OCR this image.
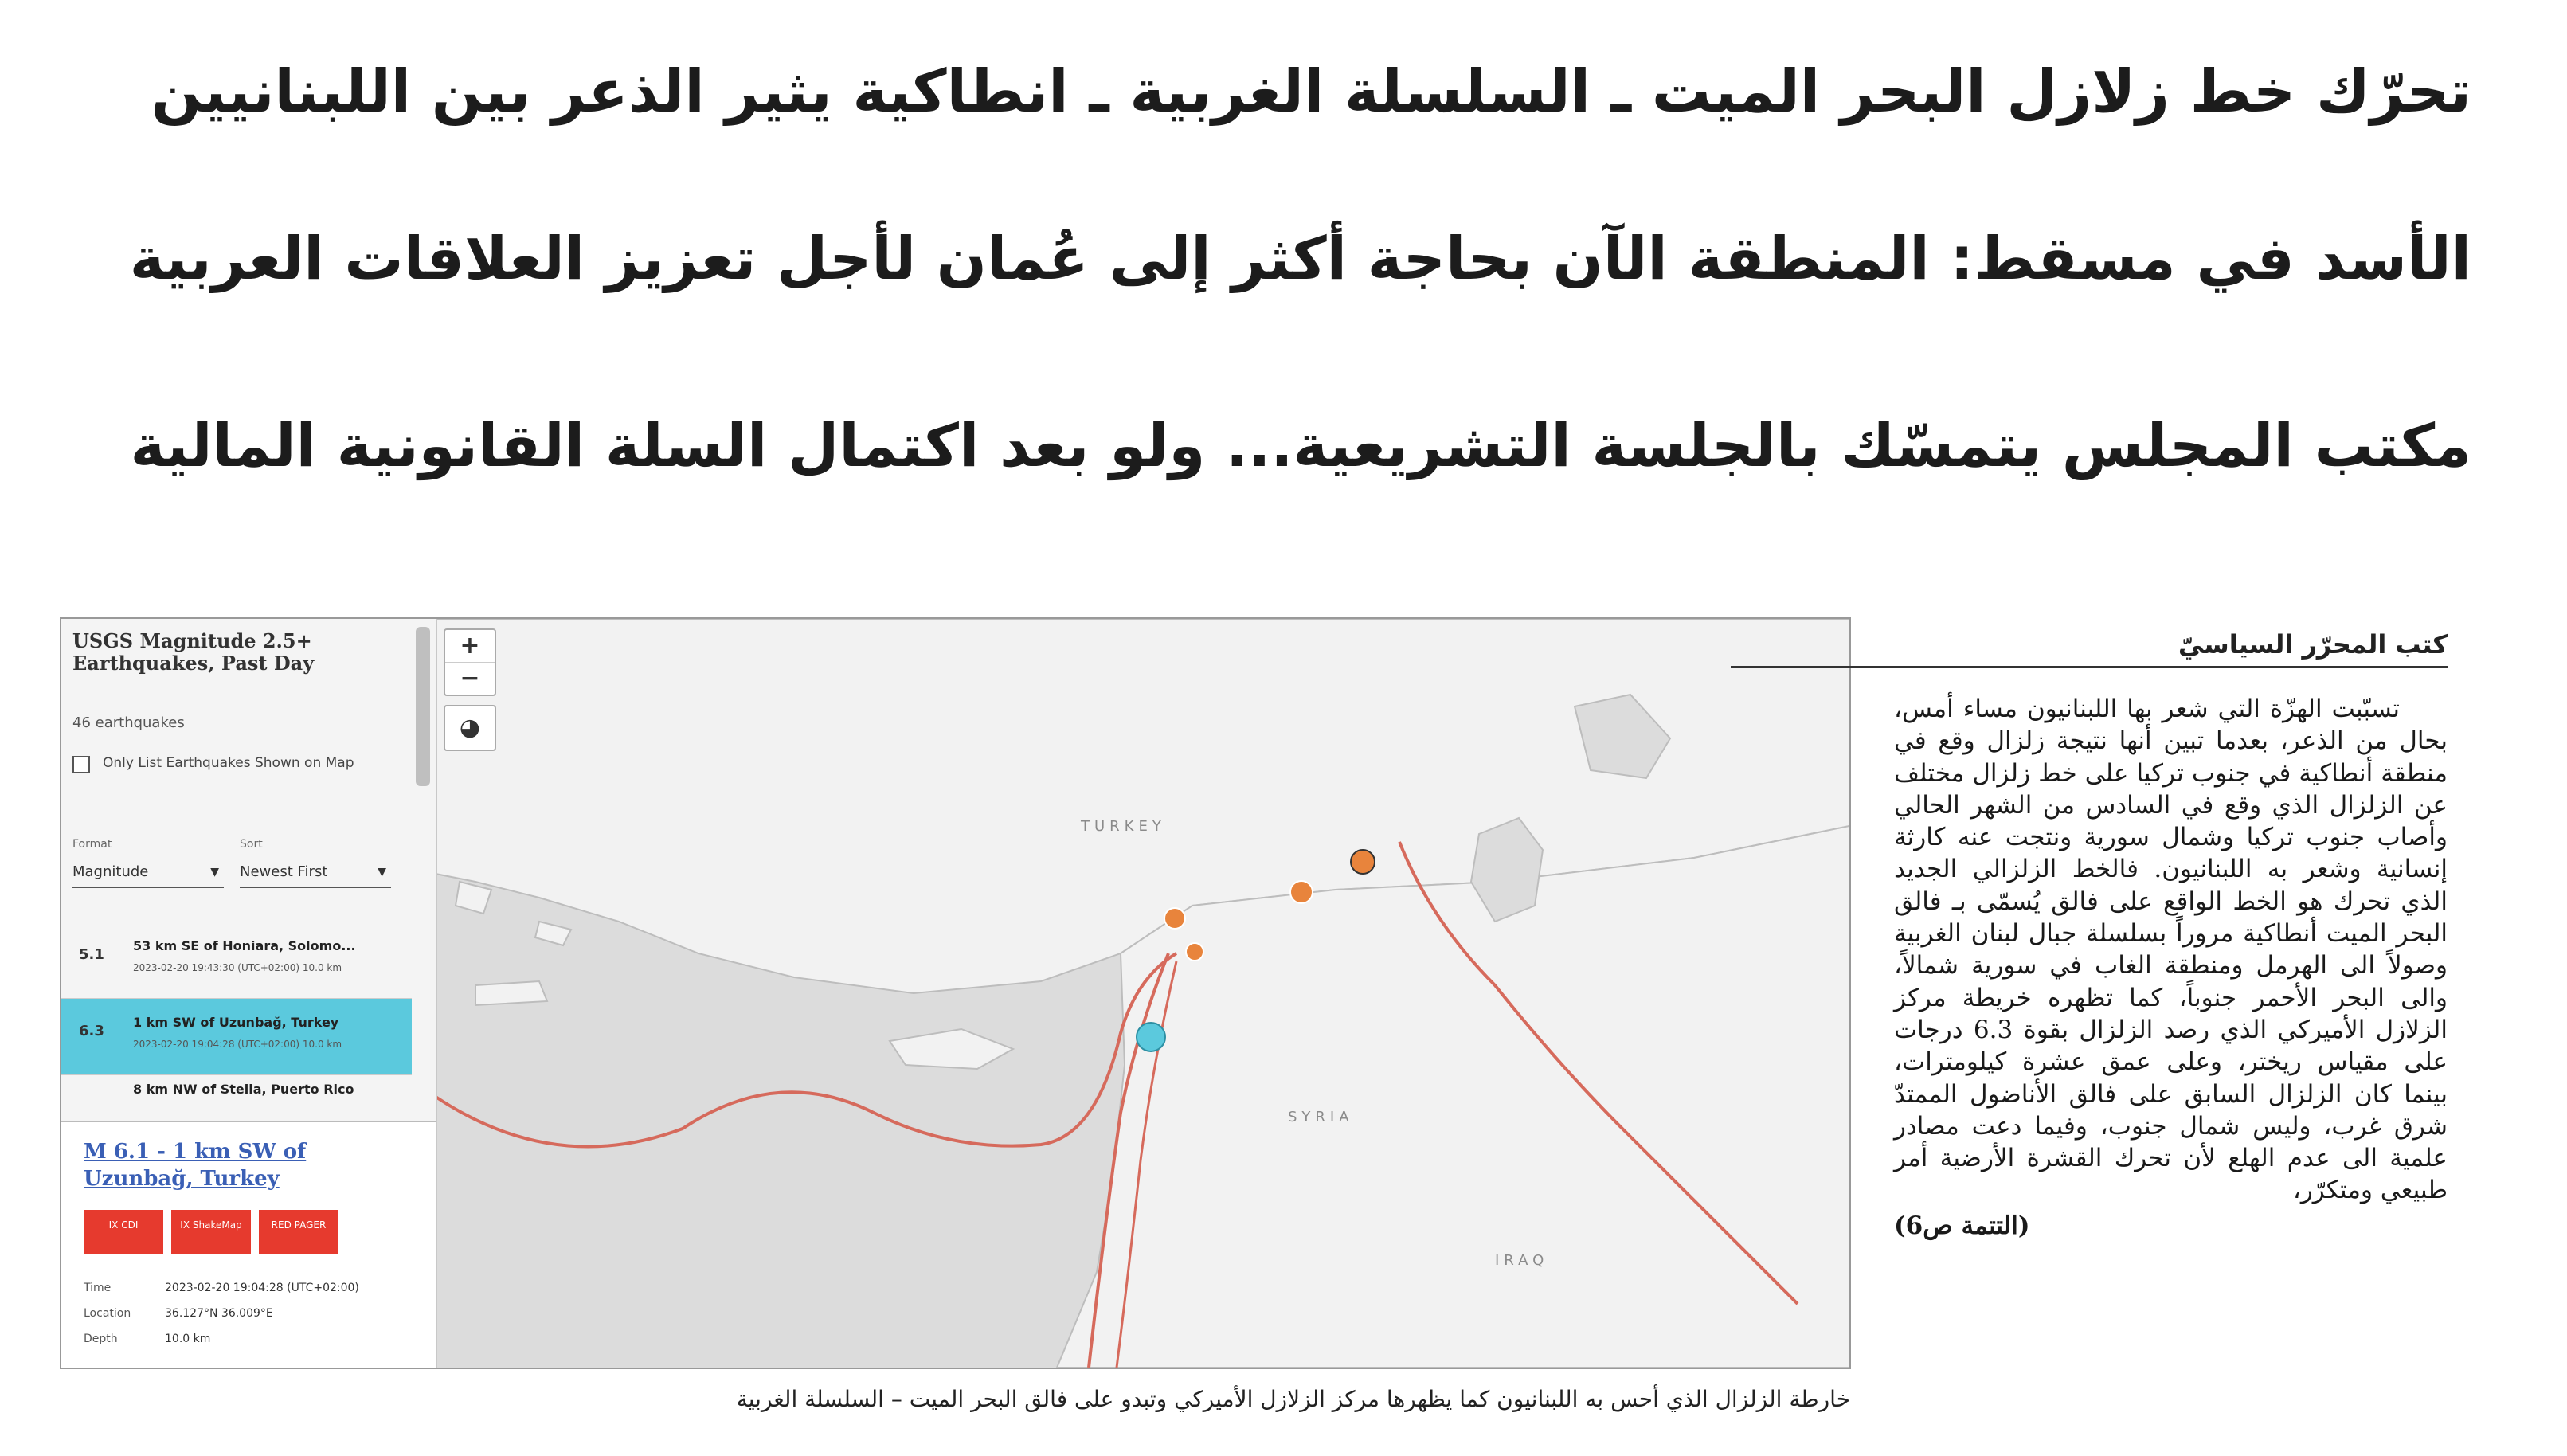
تحرّك خط زلازل البحر الميت ـ السلسلة الغربية ـ انطاكية يثير الذعر بين اللبنانيين
الأسد في مسقط: المنطقة الآن بحاجة أكثر إلى عُمان لأجل تعزيز العلاقات العربية
مكتب المجلس يتمسّك بالجلسة التشريعية... ولو بعد اكتمال السلة القانونية المالية
TURKEY
SYRIA
IRAQ
+
−
◕
USGS Magnitude 2.5+ Earthquakes, Past Day
46 earthquakes
Only List Earthquakes Shown on Map
Format
Magnitude	▼
Sort
Newest First	▼
5.1
53 km SE of Honiara, Solomo...
2023-02-20 19:43:30 (UTC+02:00) 10.0 km
6.3
1 km SW of Uzunbağ, Turkey
2023-02-20 19:04:28 (UTC+02:00) 10.0 km
8 km NW of Stella, Puerto Rico
M 6.1 - 1 km SW of Uzunbağ, Turkey
IX CDI	IX ShakeMap	RED PAGER
Time	2023-02-20 19:04:28 (UTC+02:00)
Location	36.127°N 36.009°E
Depth	10.0 km
خارطة الزلزال الذي أحس به اللبنانيون كما يظهرها مركز الزلازل الأميركي وتبدو على فالق البحر الميت – السلسلة الغربية
كتب المحرّر السياسيّ

تسبّبت الهزّة التي شعر بها اللبنانيون مساء أمس، بحال من الذعر، بعدما تبين أنها نتيجة زلزال وقع في منطقة أنطاكية في جنوب تركيا على خط زلزال مختلف عن الزلزال الذي وقع في السادس من الشهر الحالي وأصاب جنوب تركيا وشمال سورية ونتجت عنه كارثة إنسانية وشعر به اللبنانيون. فالخط الزلزالي الجديد الذي تحرك هو الخط الواقع على فالق يُسمّى بـ فالق البحر الميت أنطاكية مروراً بسلسلة جبال لبنان الغربية وصولاً الى الهرمل ومنطقة الغاب في سورية شمالاً، والى البحر الأحمر جنوباً، كما تظهره خريطة مركز الزلازل الأميركي الذي رصد الزلزال بقوة 6.3 درجات على مقياس ريختر، وعلى عمق عشرة كيلومترات، بينما كان الزلزال السابق على فالق الأناضول الممتدّ شرق غرب، وليس شمال جنوب، وفيما دعت مصادر علمية الى عدم الهلع لأن تحرك القشرة الأرضية أمر طبيعي ومتكرّر،

(التتمة ص6)
